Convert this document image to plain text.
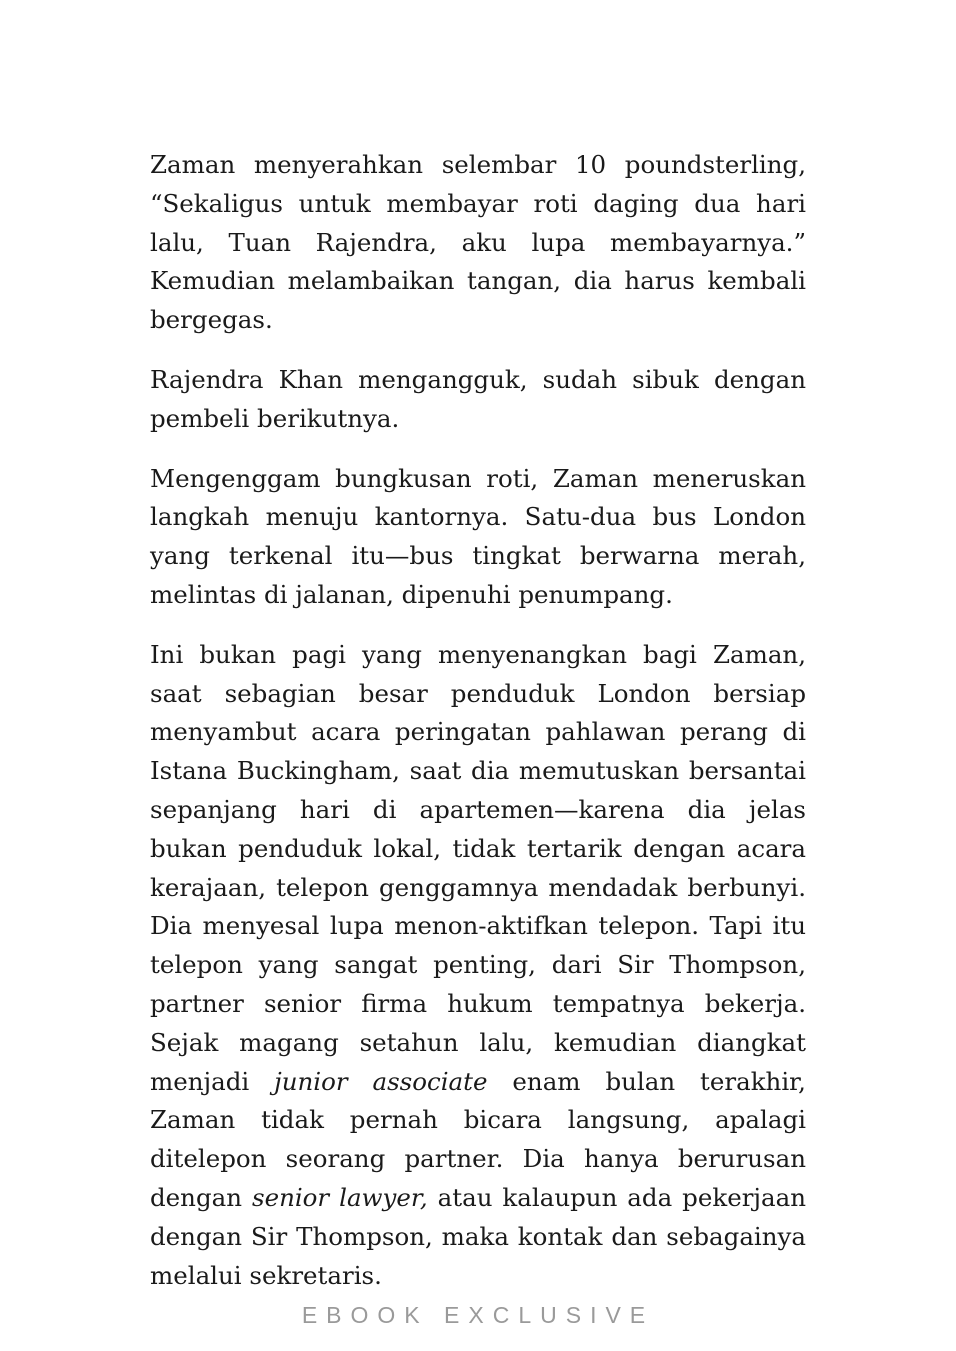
Zaman menyerahkan selembar 10 poundsterling, “Sekaligus untuk membayar roti daging dua hari lalu, Tuan Rajendra, aku lupa membayarnya.” Kemudian melambaikan tangan, dia harus kembali bergegas.

Rajendra Khan mengangguk, sudah sibuk dengan pembeli berikutnya.

Mengenggam bungkusan roti, Zaman meneruskan langkah menuju kantornya. Satu-dua bus London yang terkenal itu—bus tingkat berwarna merah, melintas di jalanan, dipenuhi penumpang.

Ini bukan pagi yang menyenangkan bagi Zaman, saat sebagian besar penduduk London bersiap menyambut acara peringatan pahlawan perang di Istana Buckingham, saat dia memutuskan bersantai sepanjang hari di apartemen—karena dia jelas bukan penduduk lokal, tidak tertarik dengan acara kerajaan, telepon genggamnya mendadak berbunyi. Dia menyesal lupa menon-aktifkan telepon. Tapi itu telepon yang sangat penting, dari Sir Thompson, partner senior firma hukum tempatnya bekerja. Sejak magang setahun lalu, kemudian diangkat menjadi junior associate enam bulan terakhir, Zaman tidak pernah bicara langsung, apalagi ditelepon seorang partner. Dia hanya berurusan dengan senior lawyer, atau kalaupun ada pekerjaan dengan Sir Thompson, maka kontak dan sebagainya melalui sekretaris.

EBOOK EXCLUSIVE
